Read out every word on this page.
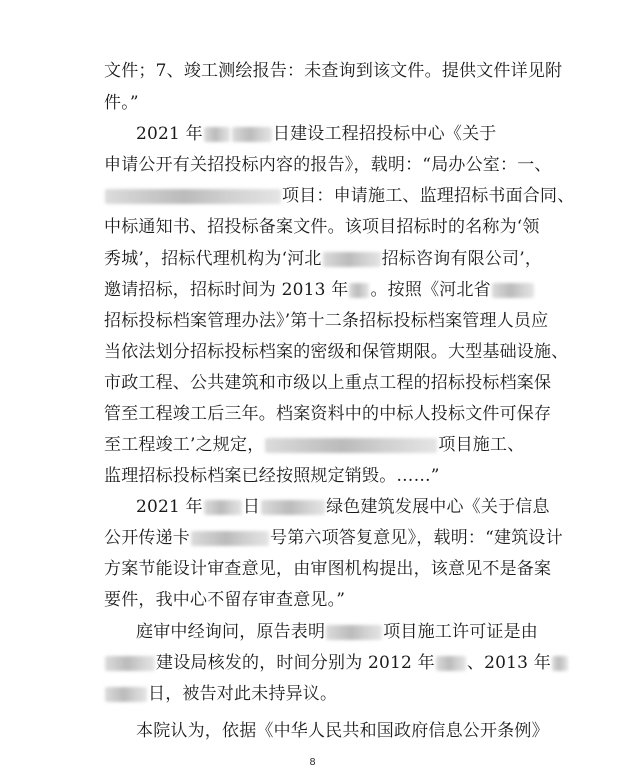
文件；7、竣工测绘报告：未查询到该文件。提供文件详见附
件。”
2021 年	日建设工程招投标中心《关于
申请公开有关招投标内容的报告》，载明：“局办公室：一、
项目：申请施工、监理招标书面合同、
中标通知书、招投标备案文件。该项目招标时的名称为‘领
秀城’，招标代理机构为‘河北	招标咨询有限公司’，
邀请招标，招标时间为 2013 年 。按照《河北省
招标投标档案管理办法》’第十二条招标投标档案管理人员应
当依法划分招标投标档案的密级和保管期限。大型基础设施、
市政工程、公共建筑和市级以上重点工程的招标投标档案保
管至工程竣工后三年。档案资料中的中标人投标文件可保存
至工程竣工’之规定，	项目施工、
监理招标投标档案已经按照规定销毁。……”
2021 年 日	绿色建筑发展中心《关于信息
公开传递卡	号第六项答复意见》，载明：“建筑设计
方案节能设计审查意见，由审图机构提出，该意见不是备案
要件，我中心不留存审查意见。”
庭审中经询问，原告表明	项目施工许可证是由
建设局核发的，时间分别为 2012 年 、2013 年
日，被告对此未持异议。
本院认为，依据《中华人民共和国政府信息公开条例》
8
